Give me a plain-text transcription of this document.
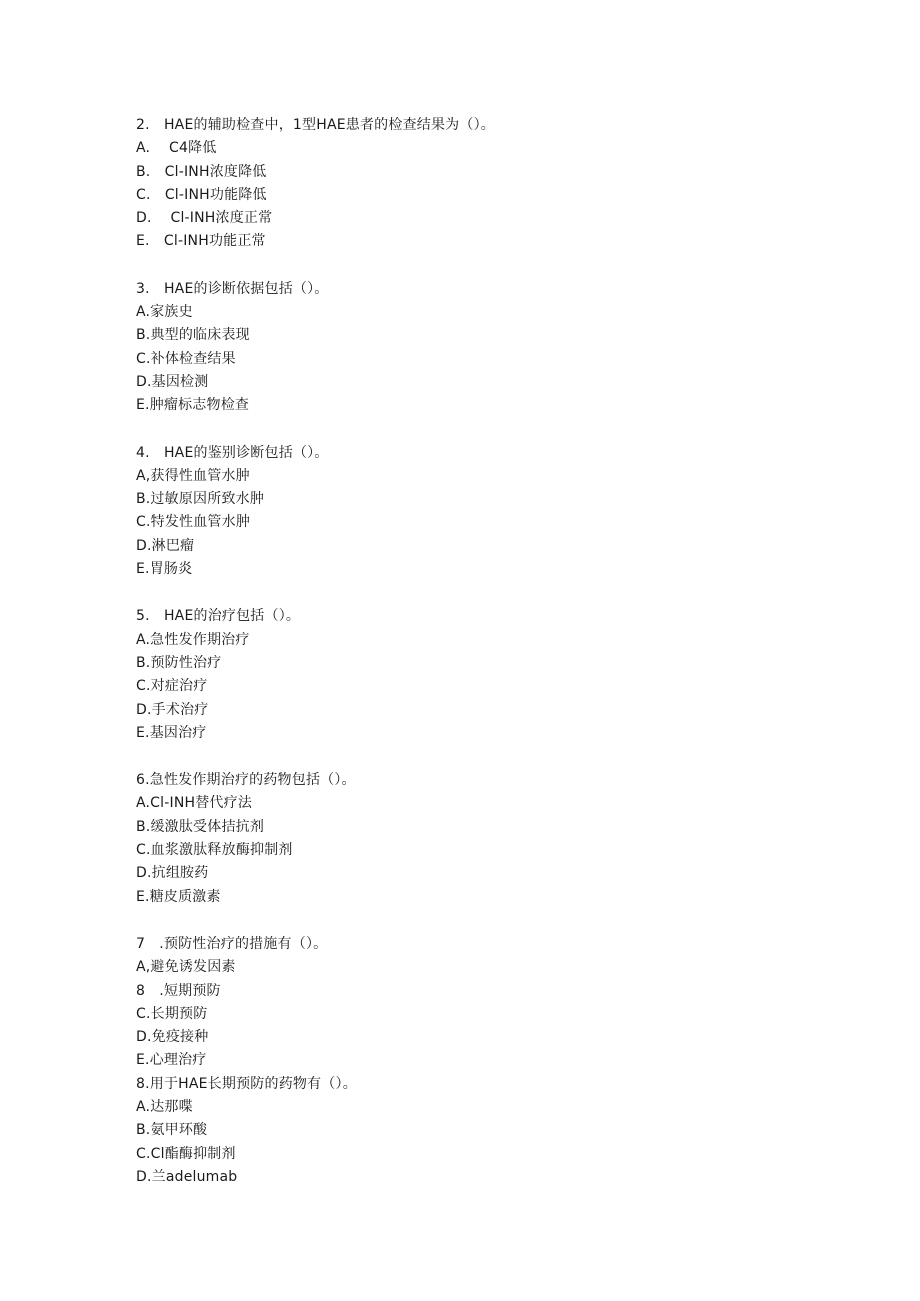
2.　HAE的辅助检查中，1型HAE患者的检查结果为（）。
A.　 C4降低
B.　Cl-INH浓度降低
C.　Cl-INH功能降低
D.　 Cl-INH浓度正常
E.　Cl-INH功能正常
3.　HAE的诊断依据包括（）。
A.家族史
B.典型的临床表现
C.补体检查结果
D.基因检测
E.肿瘤标志物检查
4.　HAE的鉴别诊断包括（）。
A,获得性血管水肿
B.过敏原因所致水肿
C.特发性血管水肿
D.淋巴瘤
E.胃肠炎
5.　HAE的治疗包括（）。
A.急性发作期治疗
B.预防性治疗
C.对症治疗
D.手术治疗
E.基因治疗
6.急性发作期治疗的药物包括（）。
A.Cl-INH替代疗法
B.缓激肽受体拮抗剂
C.血浆激肽释放酶抑制剂
D.抗组胺药
E.糖皮质激素
7　.预防性治疗的措施有（）。
A,避免诱发因素
8　.短期预防
C.长期预防
D.免疫接种
E.心理治疗
8.用于HAE长期预防的药物有（）。
A.达那喋
B.氨甲环酸
C.Cl酯酶抑制剂
D.兰adelumab
